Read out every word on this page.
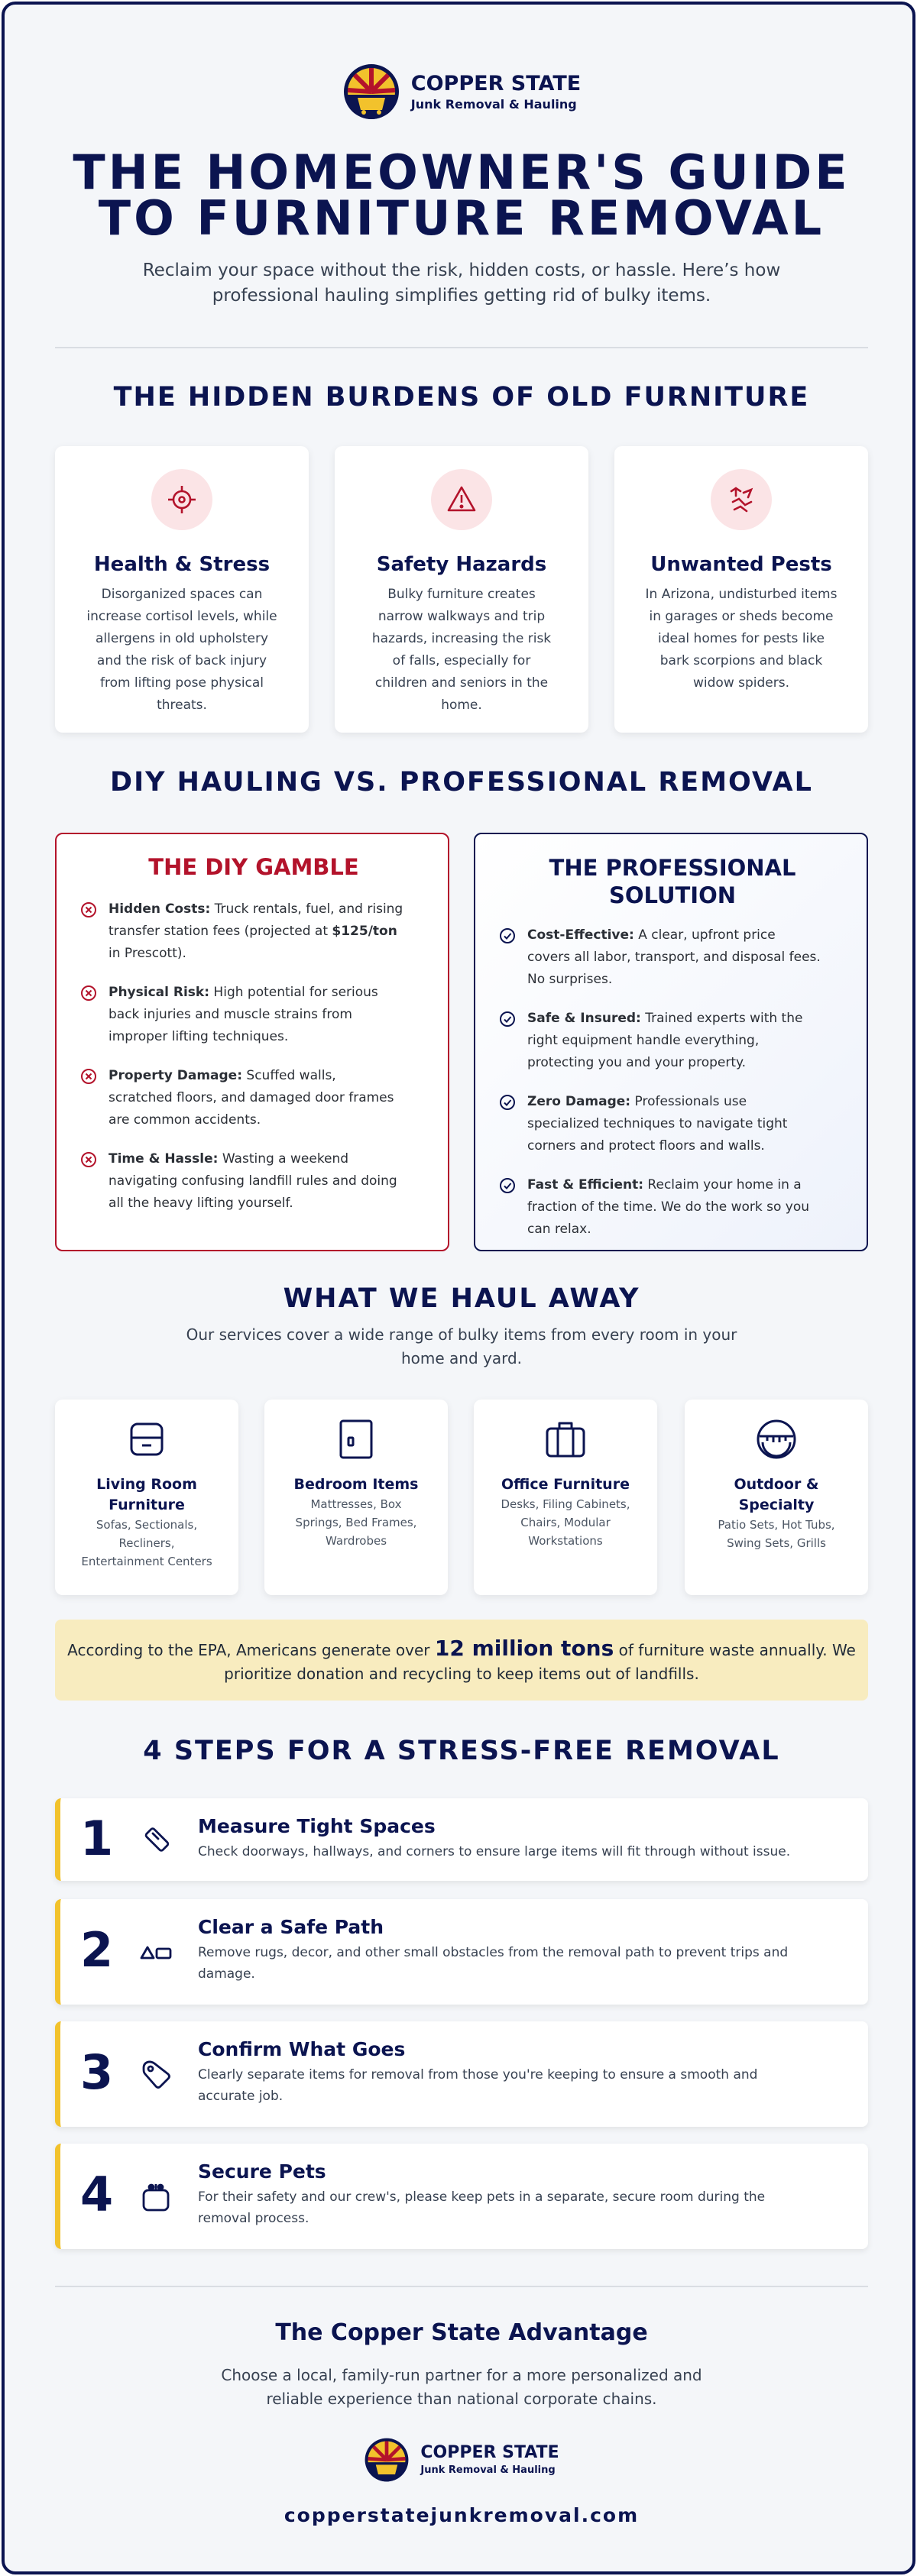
COPPER STATE
Junk Removal & Hauling
THE HOMEOWNER'S GUIDE
TO FURNITURE REMOVAL
Reclaim your space without the risk, hidden costs, or hassle. Here’s how
professional hauling simplifies getting rid of bulky items.
THE HIDDEN BURDENS OF OLD FURNITURE
Health & Stress
Disorganized spaces can
increase cortisol levels, while
allergens in old upholstery
and the risk of back injury
from lifting pose physical
threats.
Safety Hazards
Bulky furniture creates
narrow walkways and trip
hazards, increasing the risk
of falls, especially for
children and seniors in the
home.
Unwanted Pests
In Arizona, undisturbed items
in garages or sheds become
ideal homes for pests like
bark scorpions and black
widow spiders.
DIY HAULING VS. PROFESSIONAL REMOVAL
THE DIY GAMBLE
Hidden Costs: Truck rentals, fuel, and rising
transfer station fees (projected at $125/ton
in Prescott).
Physical Risk: High potential for serious
back injuries and muscle strains from
improper lifting techniques.
Property Damage: Scuffed walls,
scratched floors, and damaged door frames
are common accidents.
Time & Hassle: Wasting a weekend
navigating confusing landfill rules and doing
all the heavy lifting yourself.
THE PROFESSIONAL
SOLUTION
Cost-Effective: A clear, upfront price
covers all labor, transport, and disposal fees.
No surprises.
Safe & Insured: Trained experts with the
right equipment handle everything,
protecting you and your property.
Zero Damage: Professionals use
specialized techniques to navigate tight
corners and protect floors and walls.
Fast & Efficient: Reclaim your home in a
fraction of the time. We do the work so you
can relax.
WHAT WE HAUL AWAY
Our services cover a wide range of bulky items from every room in your
home and yard.
Living Room
Furniture
Sofas, Sectionals,
Recliners,
Entertainment Centers
Bedroom Items
Mattresses, Box
Springs, Bed Frames,
Wardrobes
Office Furniture
Desks, Filing Cabinets,
Chairs, Modular
Workstations
Outdoor &
Specialty
Patio Sets, Hot Tubs,
Swing Sets, Grills
According to the EPA, Americans generate over 12 million tons of furniture waste annually. We
prioritize donation and recycling to keep items out of landfills.
4 STEPS FOR A STRESS-FREE REMOVAL
1	Measure Tight Spaces
Check doorways, hallways, and corners to ensure large items will fit through without issue.
2	Clear a Safe Path
Remove rugs, decor, and other small obstacles from the removal path to prevent trips and
damage.
3	Confirm What Goes
Clearly separate items for removal from those you're keeping to ensure a smooth and
accurate job.
4	Secure Pets
For their safety and our crew's, please keep pets in a separate, secure room during the
removal process.
The Copper State Advantage
Choose a local, family-run partner for a more personalized and
reliable experience than national corporate chains.
COPPER STATE
Junk Removal & Hauling
copperstatejunkremoval.com
